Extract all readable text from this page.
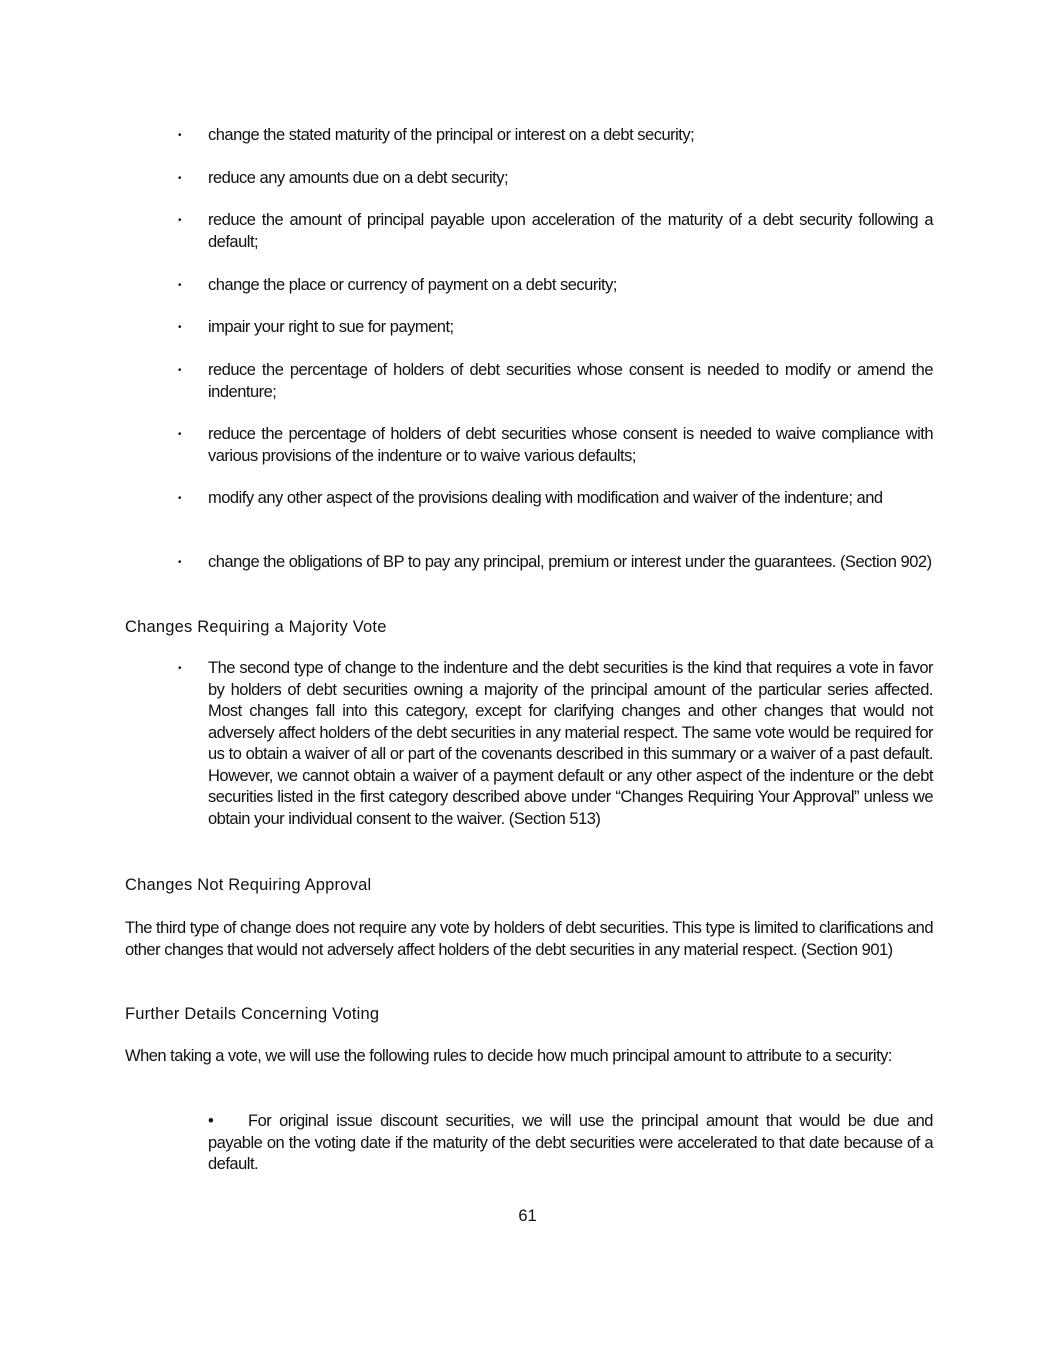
•	change the stated maturity of the principal or interest on a debt security;

•	reduce any amounts due on a debt security;

•	reduce the amount of principal payable upon acceleration of the maturity of a debt security following a default;

•	change the place or currency of payment on a debt security;

•	impair your right to sue for payment;

•	reduce the percentage of holders of debt securities whose consent is needed to modify or amend the indenture;

•	reduce the percentage of holders of debt securities whose consent is needed to waive compliance with various provisions of the indenture or to waive various defaults;

•	modify any other aspect of the provisions dealing with modification and waiver of the indenture; and

•	change the obligations of BP to pay any principal, premium or interest under the guarantees. (Section 902)

Changes Requiring a Majority Vote
•	The second type of change to the indenture and the debt securities is the kind that requires a vote in favor by holders of debt securities owning a majority of the principal amount of the particular series affected. Most changes fall into this category, except for clarifying changes and other changes that would not adversely affect holders of the debt securities in any material respect. The same vote would be required for us to obtain a waiver of all or part of the covenants described in this summary or a waiver of a past default. However, we cannot obtain a waiver of a payment default or any other aspect of the indenture or the debt securities listed in the first category described above under “Changes Requiring Your Approval” unless we obtain your individual consent to the waiver. (Section 513)

Changes Not Requiring Approval

The third type of change does not require any vote by holders of debt securities. This type is limited to clarifications and other changes that would not adversely affect holders of the debt securities in any material respect. (Section 901)

Further Details Concerning Voting

When taking a vote, we will use the following rules to decide how much principal amount to attribute to a security:

• For original issue discount securities, we will use the principal amount that would be due and payable on the voting date if the maturity of the debt securities were accelerated to that date because of a default.

61
